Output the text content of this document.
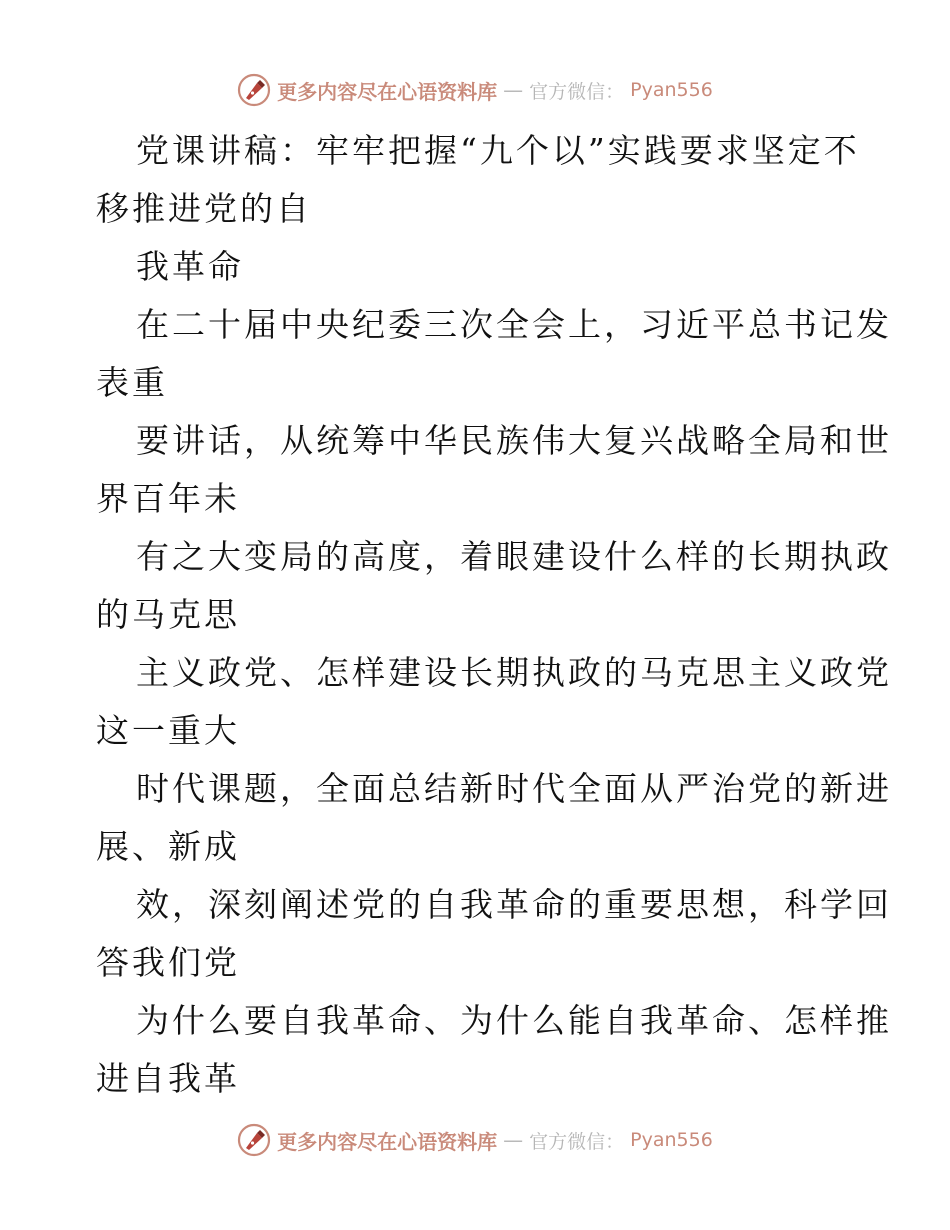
更多内容尽在心语资料库 — 官方微信： Pyan556
党课讲稿：牢牢把握“九个以”实践要求坚定不
移推进党的自
我革命
在二十届中央纪委三次全会上，习近平总书记发
表重
要讲话，从统筹中华民族伟大复兴战略全局和世
界百年未
有之大变局的高度，着眼建设什么样的长期执政
的马克思
主义政党、怎样建设长期执政的马克思主义政党
这一重大
时代课题，全面总结新时代全面从严治党的新进
展、新成
效，深刻阐述党的自我革命的重要思想，科学回
答我们党
为什么要自我革命、为什么能自我革命、怎样推
进自我革
更多内容尽在心语资料库 — 官方微信： Pyan556
